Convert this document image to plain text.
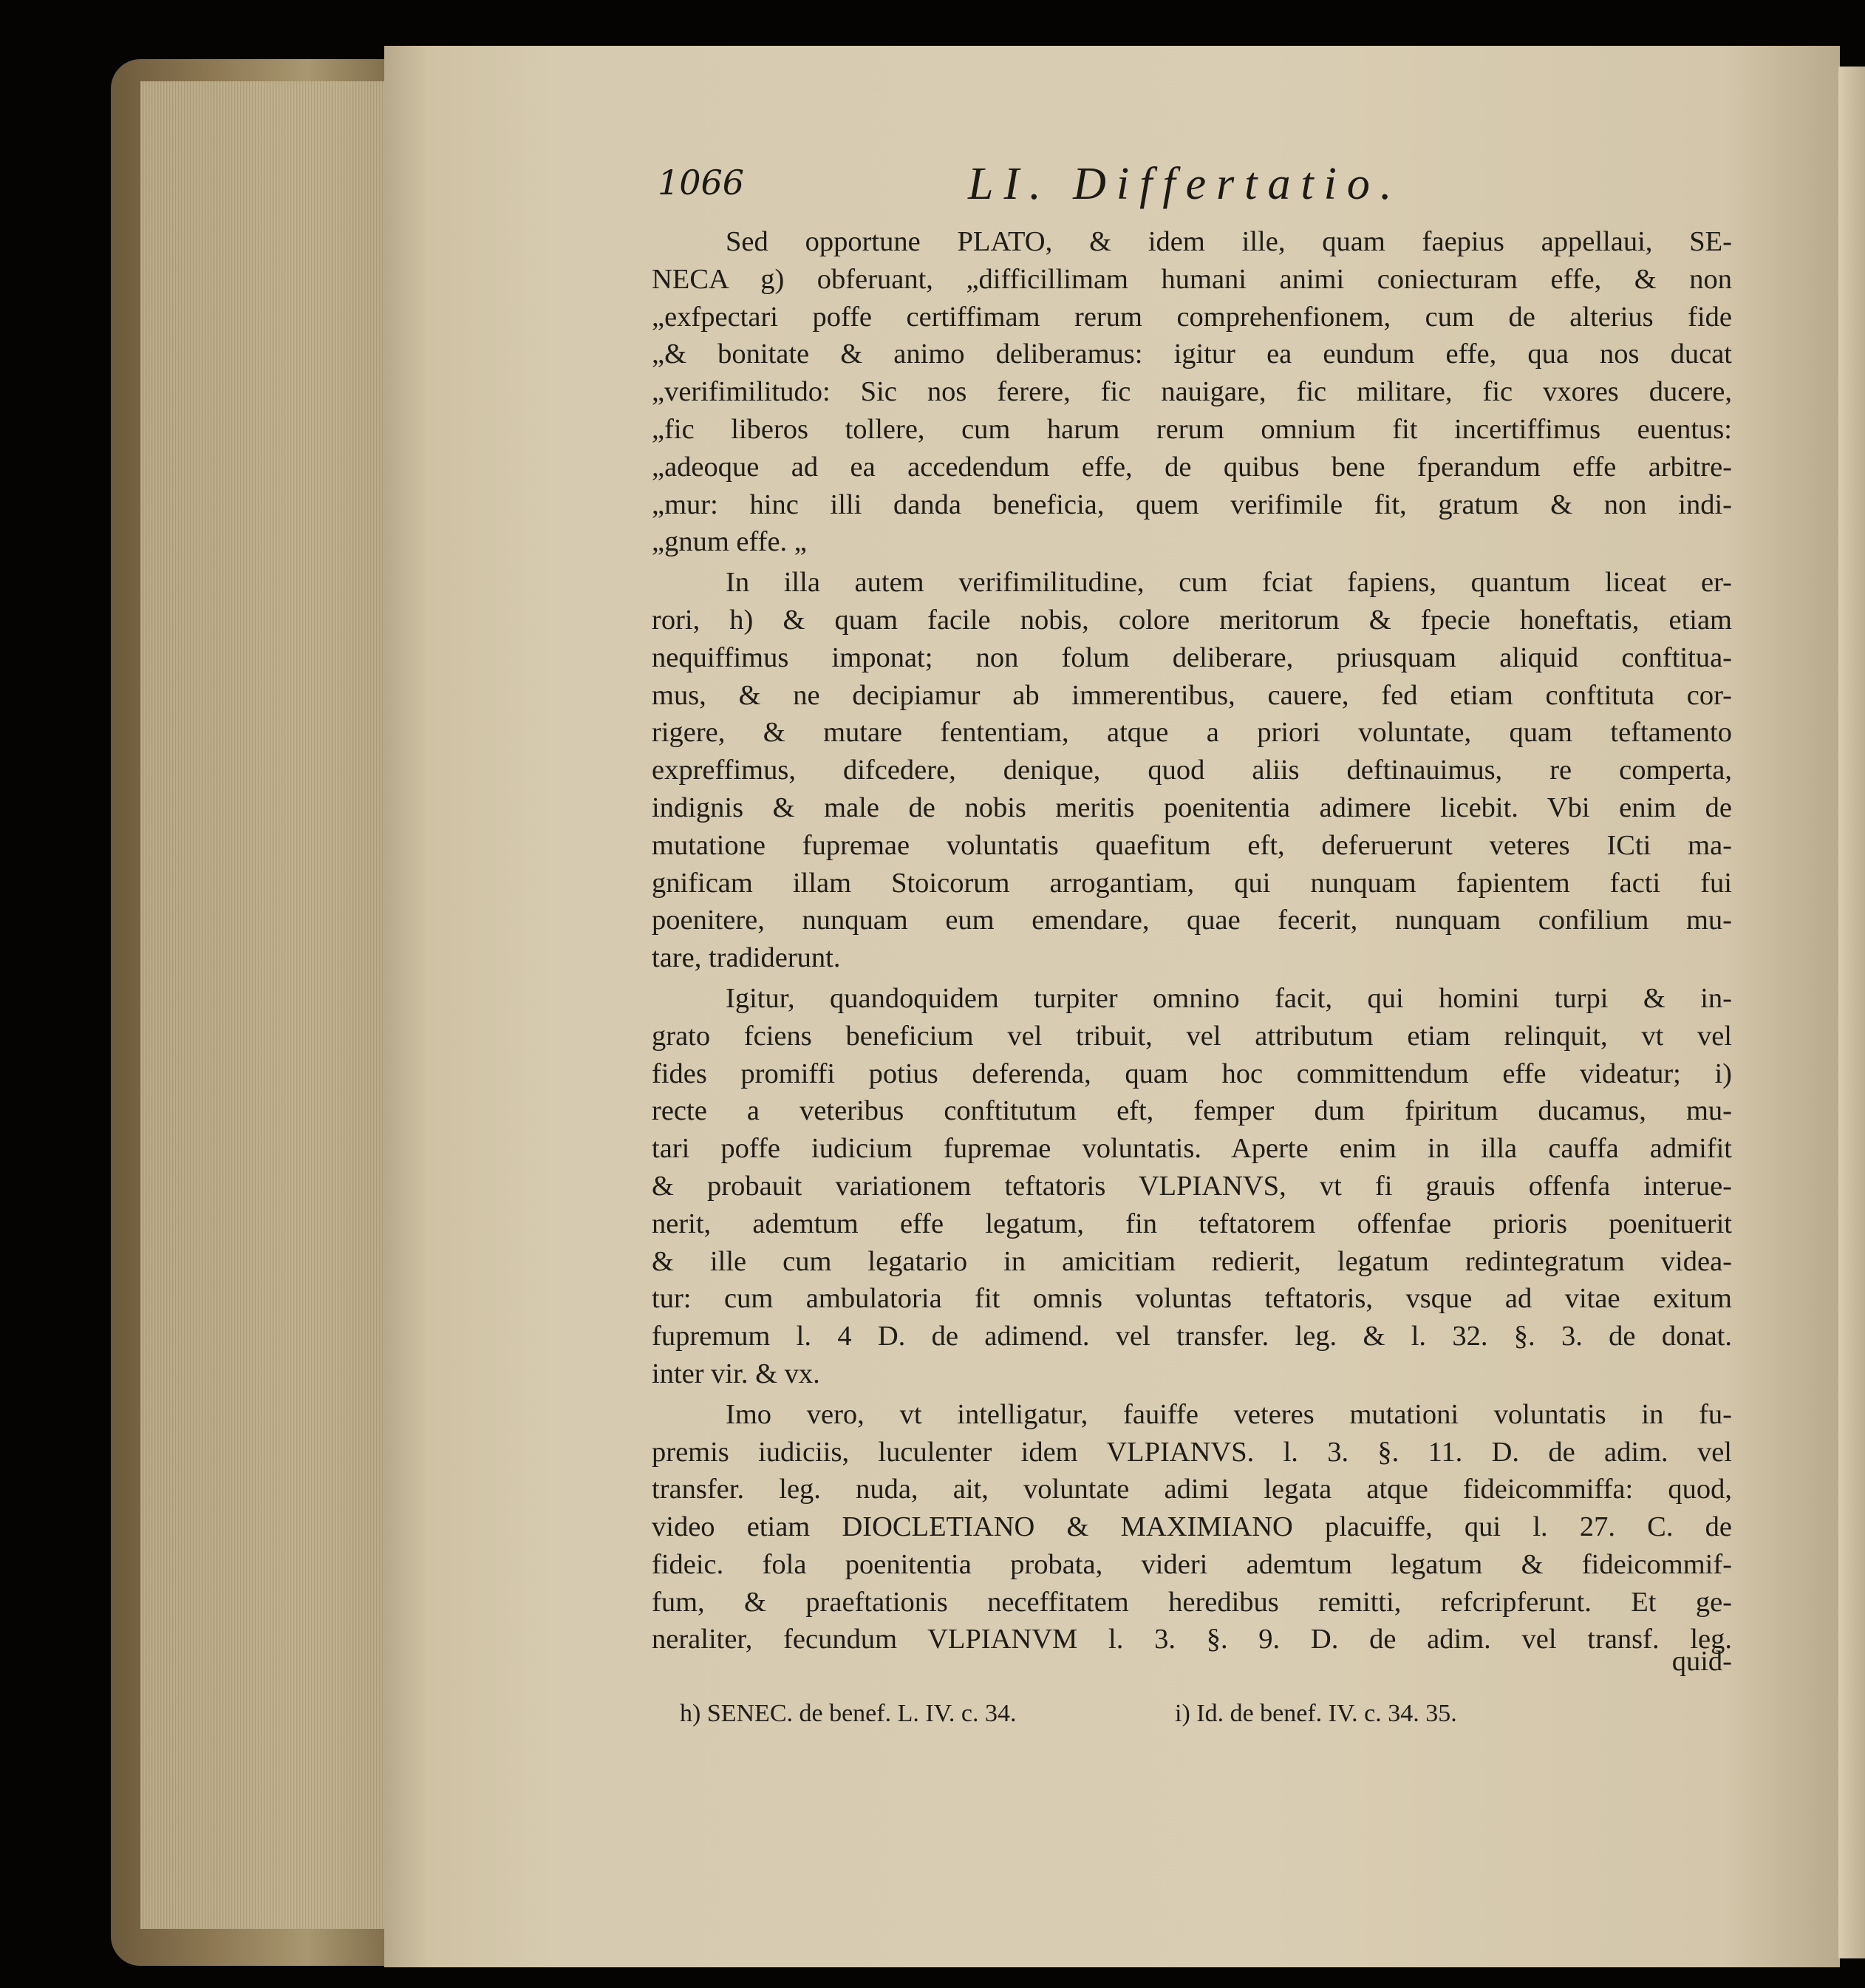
1066	LI. Differtatio.
Sed opportune PLATO, & idem ille, quam faepius appellaui, SE-
NECA g) obferuant, „difficillimam humani animi coniecturam effe, & non
„exfpectari poffe certiffimam rerum comprehenfionem, cum de alterius fide
„& bonitate & animo deliberamus: igitur ea eundum effe, qua nos ducat
„verifimilitudo: Sic nos ferere, fic nauigare, fic militare, fic vxores ducere,
„fic liberos tollere, cum harum rerum omnium fit incertiffimus euentus:
„adeoque ad ea accedendum effe, de quibus bene fperandum effe arbitre-
„mur: hinc illi danda beneficia, quem verifimile fit, gratum & non indi-
„gnum effe. „
In illa autem verifimilitudine, cum fciat fapiens, quantum liceat er-
rori, h) & quam facile nobis, colore meritorum & fpecie honeftatis, etiam
nequiffimus imponat; non folum deliberare, priusquam aliquid conftitua-
mus, & ne decipiamur ab immerentibus, cauere, fed etiam conftituta cor-
rigere, & mutare fententiam, atque a priori voluntate, quam teftamento
expreffimus, difcedere, denique, quod aliis deftinauimus, re comperta,
indignis & male de nobis meritis poenitentia adimere licebit. Vbi enim de
mutatione fupremae voluntatis quaefitum eft, deferuerunt veteres ICti ma-
gnificam illam Stoicorum arrogantiam, qui nunquam fapientem facti fui
poenitere, nunquam eum emendare, quae fecerit, nunquam confilium mu-
tare, tradiderunt.
Igitur, quandoquidem turpiter omnino facit, qui homini turpi & in-
grato fciens beneficium vel tribuit, vel attributum etiam relinquit, vt vel
fides promiffi potius deferenda, quam hoc committendum effe videatur; i)
recte a veteribus conftitutum eft, femper dum fpiritum ducamus, mu-
tari poffe iudicium fupremae voluntatis. Aperte enim in illa cauffa admifit
& probauit variationem teftatoris VLPIANVS, vt fi grauis offenfa interue-
nerit, ademtum effe legatum, fin teftatorem offenfae prioris poenituerit
& ille cum legatario in amicitiam redierit, legatum redintegratum videa-
tur: cum ambulatoria fit omnis voluntas teftatoris, vsque ad vitae exitum
fupremum l. 4 D. de adimend. vel transfer. leg. & l. 32. §. 3. de donat.
inter vir. & vx.
Imo vero, vt intelligatur, fauiffe veteres mutationi voluntatis in fu-
premis iudiciis, luculenter idem VLPIANVS. l. 3. §. 11. D. de adim. vel
transfer. leg. nuda, ait, voluntate adimi legata atque fideicommiffa: quod,
video etiam DIOCLETIANO & MAXIMIANO placuiffe, qui l. 27. C. de
fideic. fola poenitentia probata, videri ademtum legatum & fideicommif-
fum, & praeftationis neceffitatem heredibus remitti, refcripferunt. Et ge-
neraliter, fecundum VLPIANVM l. 3. §. 9. D. de adim. vel transf. leg.
quid-
h) SENEC. de benef. L. IV. c. 34.	i) Id. de benef. IV. c. 34. 35.
